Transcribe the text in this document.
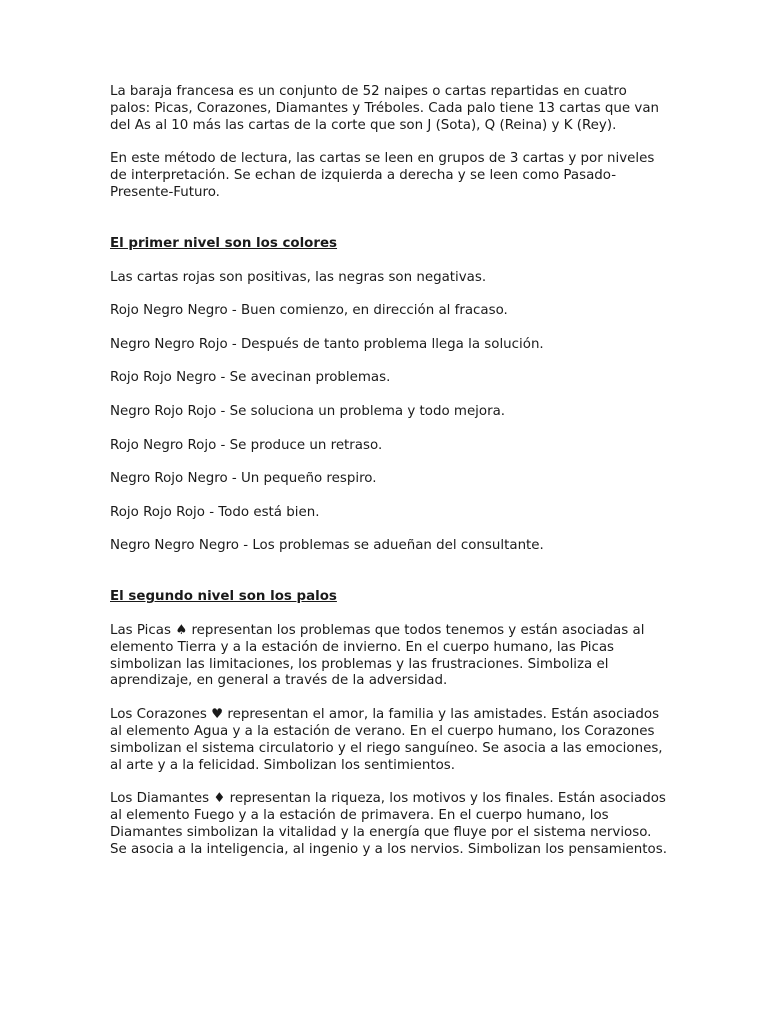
La baraja francesa es un conjunto de 52 naipes o cartas repartidas en cuatro palos: Picas, Corazones, Diamantes y Tréboles. Cada palo tiene 13 cartas que van del As al 10 más las cartas de la corte que son J (Sota), Q (Reina) y K (Rey).

En este método de lectura, las cartas se leen en grupos de 3 cartas y por niveles de interpretación. Se echan de izquierda a derecha y se leen como Pasado-Presente-Futuro.

El primer nivel son los colores

Las cartas rojas son positivas, las negras son negativas.

Rojo Negro Negro - Buen comienzo, en dirección al fracaso.

Negro Negro Rojo - Después de tanto problema llega la solución.

Rojo Rojo Negro - Se avecinan problemas.

Negro Rojo Rojo - Se soluciona un problema y todo mejora.

Rojo Negro Rojo - Se produce un retraso.

Negro Rojo Negro - Un pequeño respiro.

Rojo Rojo Rojo - Todo está bien.

Negro Negro Negro - Los problemas se adueñan del consultante.

El segundo nivel son los palos

Las Picas ♠ representan los problemas que todos tenemos y están asociadas al elemento Tierra y a la estación de invierno. En el cuerpo humano, las Picas simbolizan las limitaciones, los problemas y las frustraciones. Simboliza el aprendizaje, en general a través de la adversidad.

Los Corazones ♥ representan el amor, la familia y las amistades. Están asociados al elemento Agua y a la estación de verano. En el cuerpo humano, los Corazones simbolizan el sistema circulatorio y el riego sanguíneo. Se asocia a las emociones, al arte y a la felicidad. Simbolizan los sentimientos.

Los Diamantes ♦ representan la riqueza, los motivos y los finales. Están asociados al elemento Fuego y a la estación de primavera. En el cuerpo humano, los Diamantes simbolizan la vitalidad y la energía que fluye por el sistema nervioso. Se asocia a la inteligencia, al ingenio y a los nervios. Simbolizan los pensamientos.
